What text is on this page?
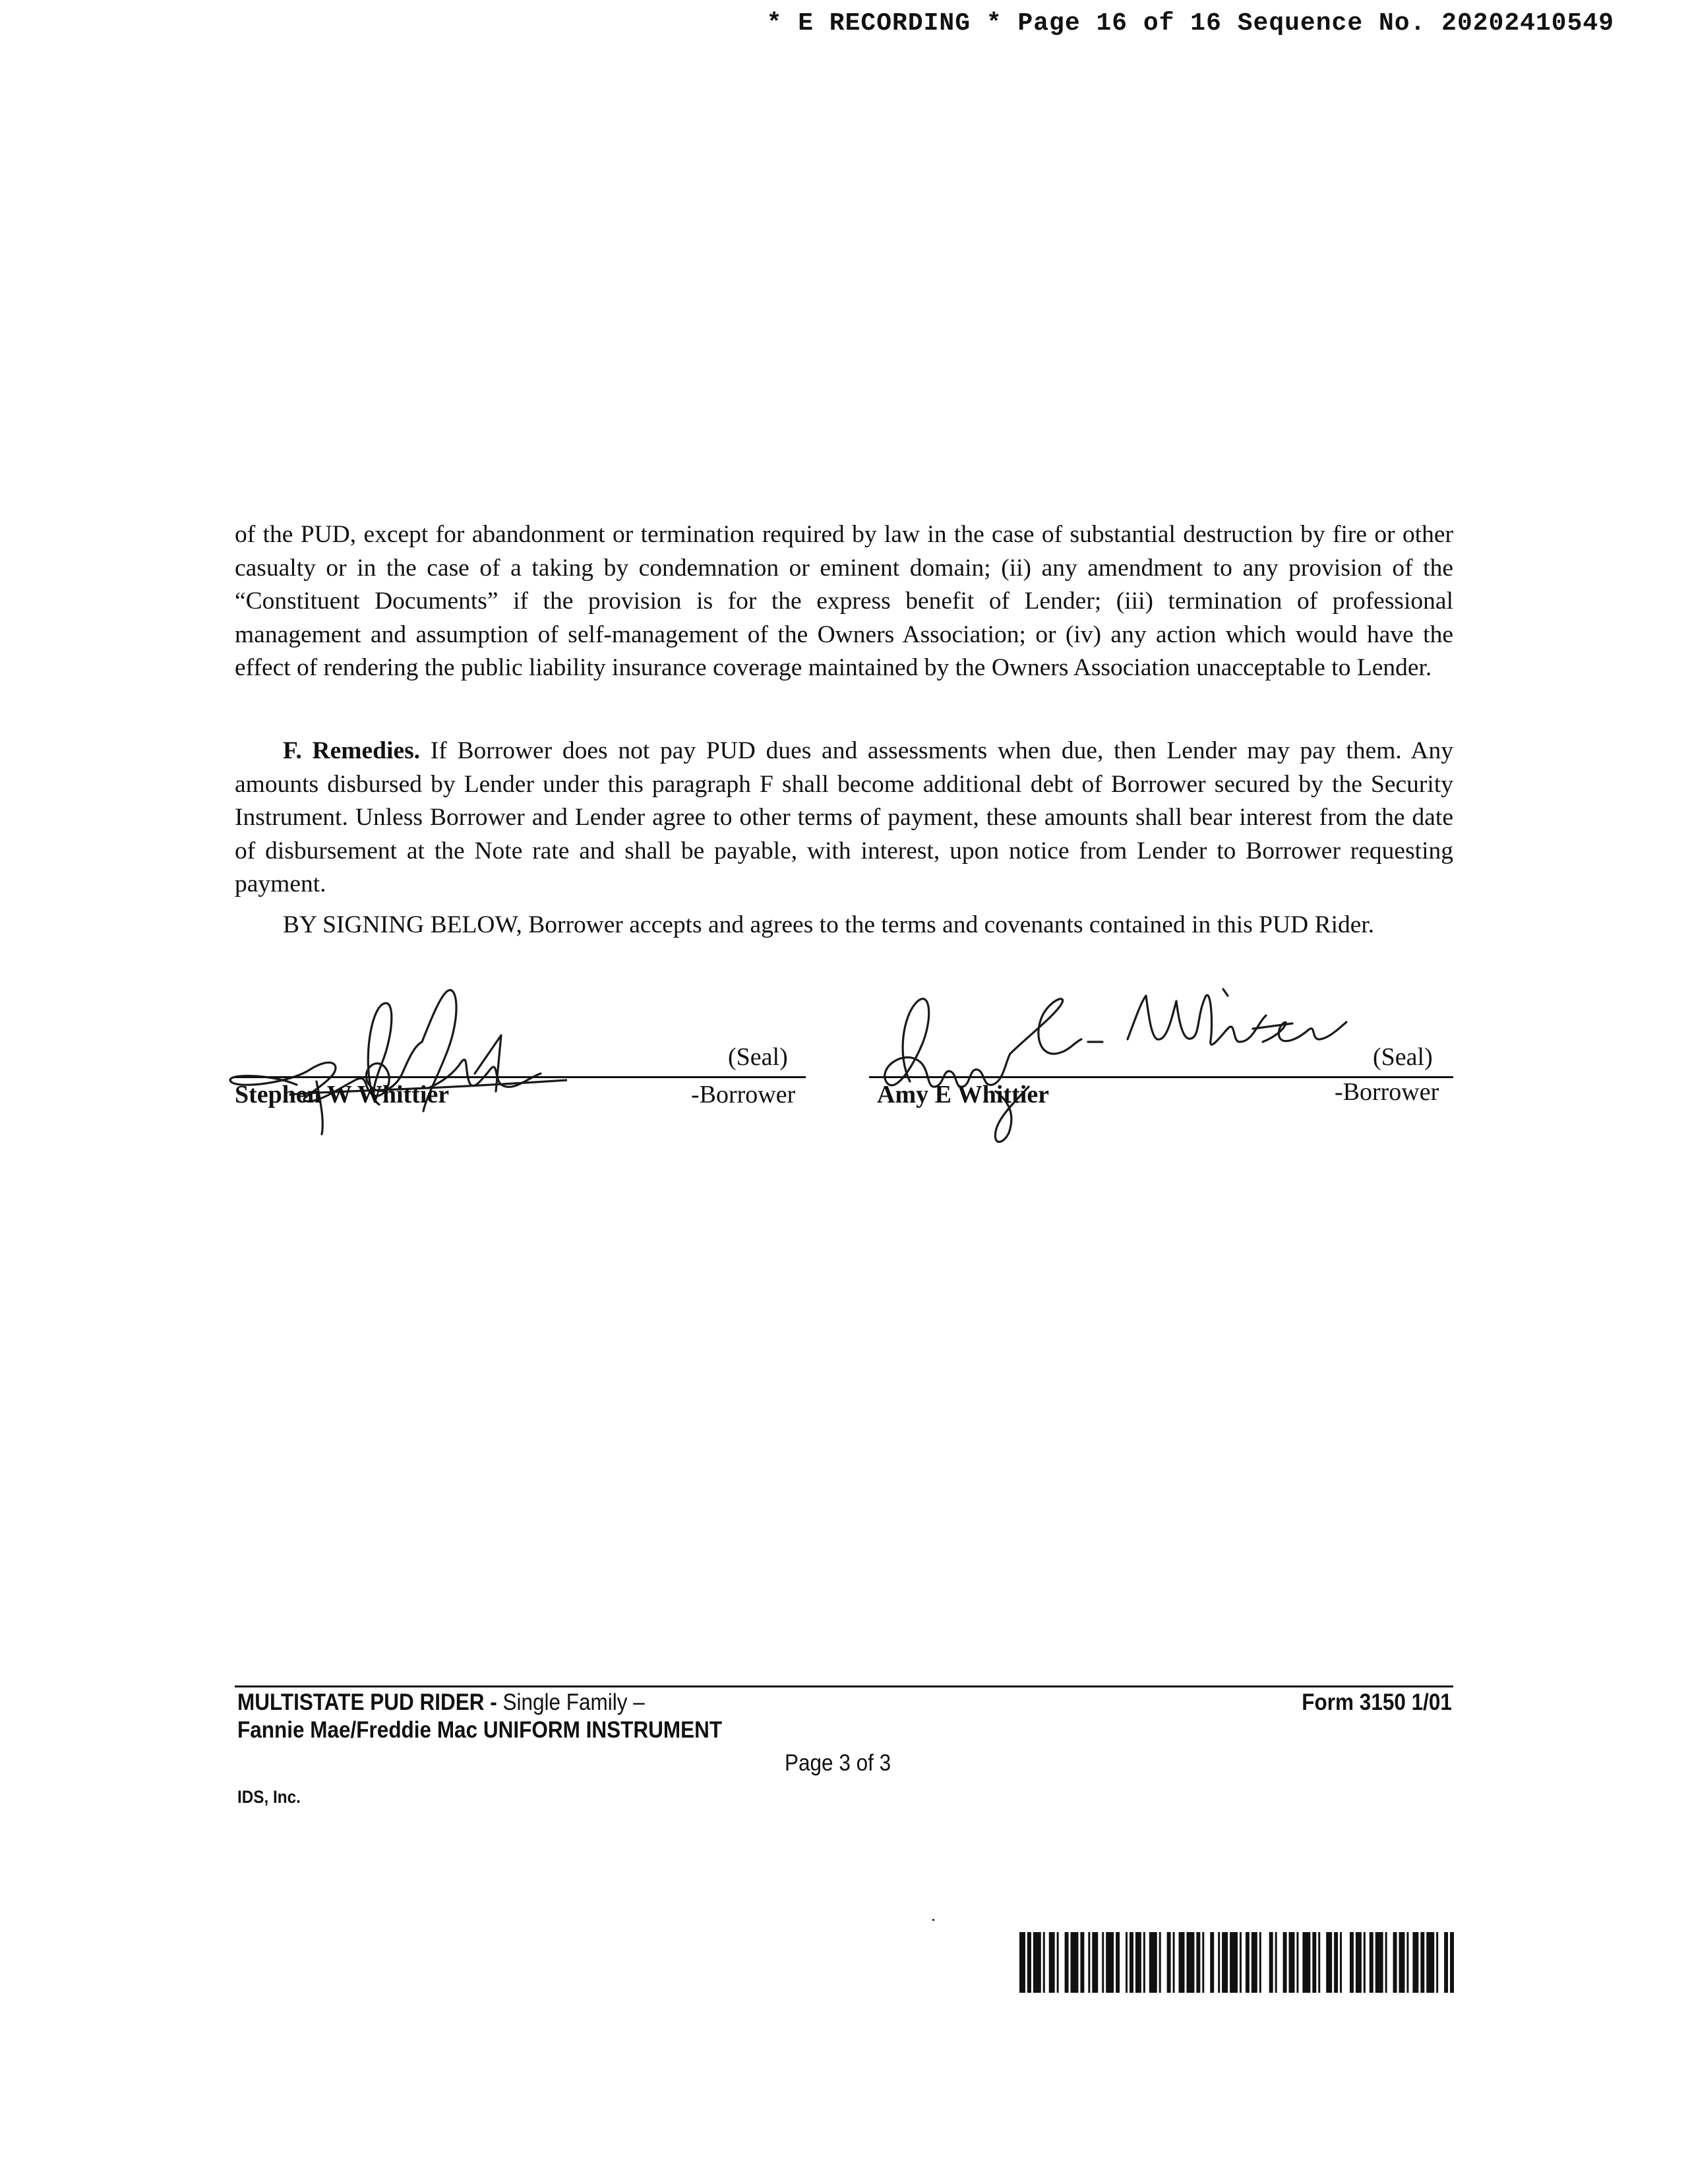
* E RECORDING * Page 16 of 16 Sequence No. 20202410549
of the PUD, except for abandonment or termination required by law in the case of substantial destruction by fire or other casualty or in the case of a taking by condemnation or eminent domain; (ii) any amendment to any provision of the “Constituent Documents” if the provision is for the express benefit of Lender; (iii) termination of professional management and assumption of self-management of the Owners Association; or (iv) any action which would have the effect of rendering the public liability insurance coverage maintained by the Owners Association unacceptable to Lender.
F. Remedies. If Borrower does not pay PUD dues and assessments when due, then Lender may pay them. Any amounts disbursed by Lender under this paragraph F shall become additional debt of Borrower secured by the Security Instrument. Unless Borrower and Lender agree to other terms of payment, these amounts shall bear interest from the date of disbursement at the Note rate and shall be payable, with interest, upon notice from Lender to Borrower requesting payment.
BY SIGNING BELOW, Borrower accepts and agrees to the terms and covenants contained in this PUD Rider.
(Seal)	(Seal)
Stephen W Whittier	-Borrower	Amy E Whittier	-Borrower
MULTISTATE PUD RIDER - Single Family –
Fannie Mae/Freddie Mac UNIFORM INSTRUMENT
Form 3150 1/01
Page 3 of 3
IDS, Inc.
